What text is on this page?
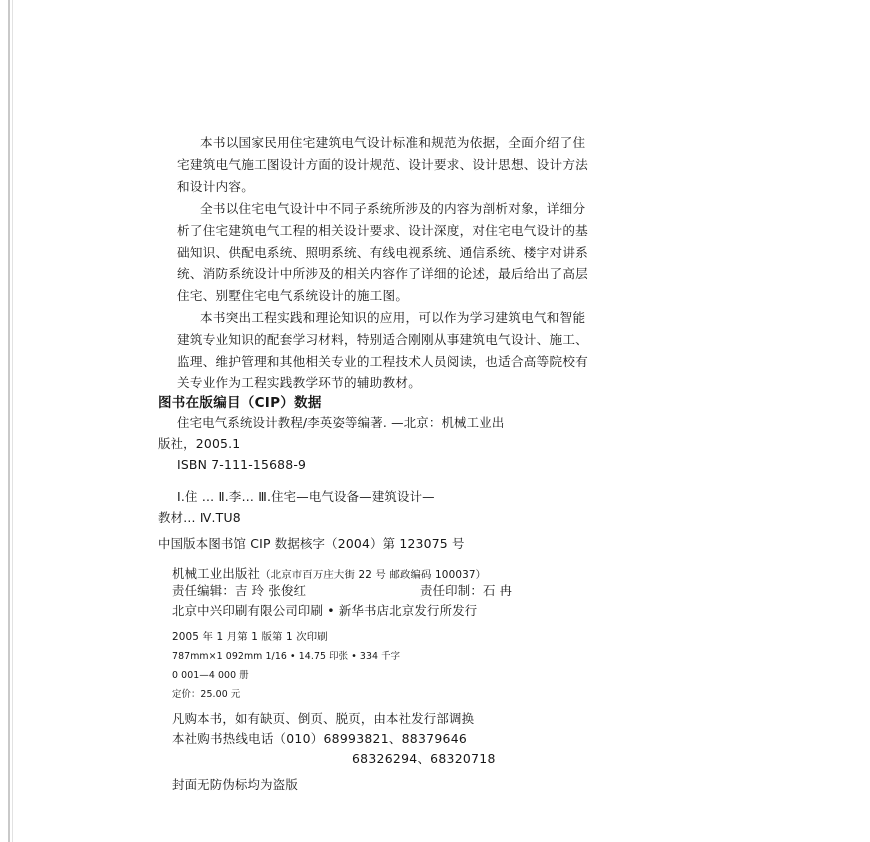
本书以国家民用住宅建筑电气设计标准和规范为依据，全面介绍了住
宅建筑电气施工图设计方面的设计规范、设计要求、设计思想、设计方法
和设计内容。
全书以住宅电气设计中不同子系统所涉及的内容为剖析对象，详细分
析了住宅建筑电气工程的相关设计要求、设计深度，对住宅电气设计的基
础知识、供配电系统、照明系统、有线电视系统、通信系统、楼宇对讲系
统、消防系统设计中所涉及的相关内容作了详细的论述，最后给出了高层
住宅、别墅住宅电气系统设计的施工图。
本书突出工程实践和理论知识的应用，可以作为学习建筑电气和智能
建筑专业知识的配套学习材料，特别适合刚刚从事建筑电气设计、施工、
监理、维护管理和其他相关专业的工程技术人员阅读，也适合高等院校有
关专业作为工程实践教学环节的辅助教材。
图书在版编目（CIP）数据
住宅电气系统设计教程/李英姿等编著. —北京：机械工业出
版社，2005.1
ISBN 7-111-15688-9
Ⅰ.住 … Ⅱ.李… Ⅲ.住宅—电气设备—建筑设计—
教材… Ⅳ.TU8
中国版本图书馆 CIP 数据核字（2004）第 123075 号
机械工业出版社（北京市百万庄大街 22 号 邮政编码 100037）
责任编辑：吉 玲 张俊红	责任印制：石 冉
北京中兴印刷有限公司印刷 • 新华书店北京发行所发行
2005 年 1 月第 1 版第 1 次印刷
787mm×1 092mm 1/16 • 14.75 印张 • 334 千字
0 001—4 000 册
定价：25.00 元
凡购本书，如有缺页、倒页、脱页，由本社发行部调换
本社购书热线电话（010）68993821、88379646
68326294、68320718
封面无防伪标均为盗版
